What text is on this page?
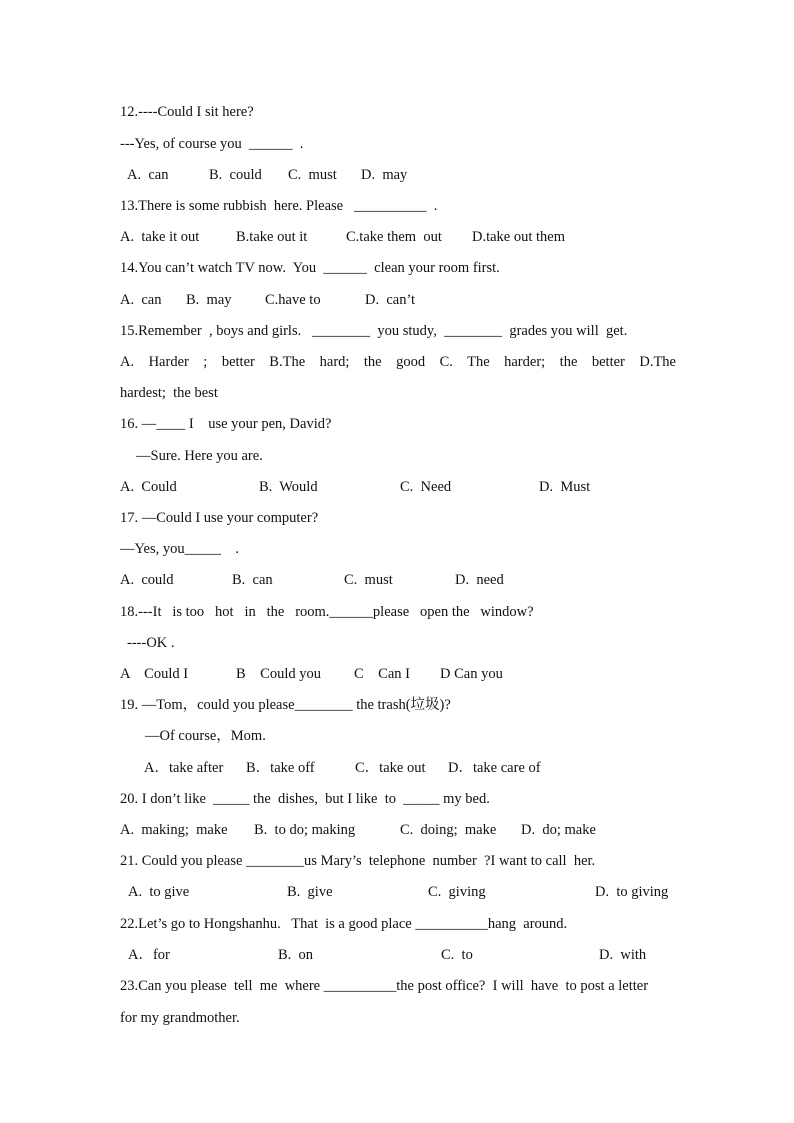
12.----Could I sit here?
---Yes, of course you  ______  .

A.  can

	B.  could

C.  must

D.  may

13.There is some rubbish  here. Please   __________  .

A.  take it out

	B.take out it

	C.take them  out

D.take out them

14.You can’t watch TV now.  You  ______  clean your room first.

A.  can

B.  may

C.have to

	D.  can’t

15.Remember  , boys and girls.   ________  you study,  ________  grades you will  get.
A. Harder ; better B.The hard; the good C. The harder; the better D.The
hardest;  the best
16. —____ I    use your pen, David?
—Sure. Here you are.

A.  Could

	B.  Would

	C.  Need

	D.  Must

17. —Could I use your computer?
—Yes, you_____    .

A.  could

	B.  can

	C.  must

	D.  need

18.---It   is too   hot   in   the   room.______please   open the   window?
----OK .

A    Could I

	B    Could you

C    Can I

D Can you

19. —Tom，could you please________ the trash(垃圾)?
—Of course，Mom.

A．take after

B．take off

	C．take out

D．take care of

20. I don’t like  _____ the  dishes,  but I like  to  _____ my bed.

A.  making;  make

B.  to do; making

	C.  doing;  make

D.  do; make

21. Could you please ________us Mary’s  telephone  number  ?I want to call  her.

A.  to give

	B.  give

	C.  giving

	D.  to giving

22.Let’s go to Hongshanhu.   That  is a good place __________hang  around.

A．for

	B.  on

	C.  to

	D.  with

23.Can you please  tell  me  where __________the post office?  I will  have  to post a letter
for my grandmother.
